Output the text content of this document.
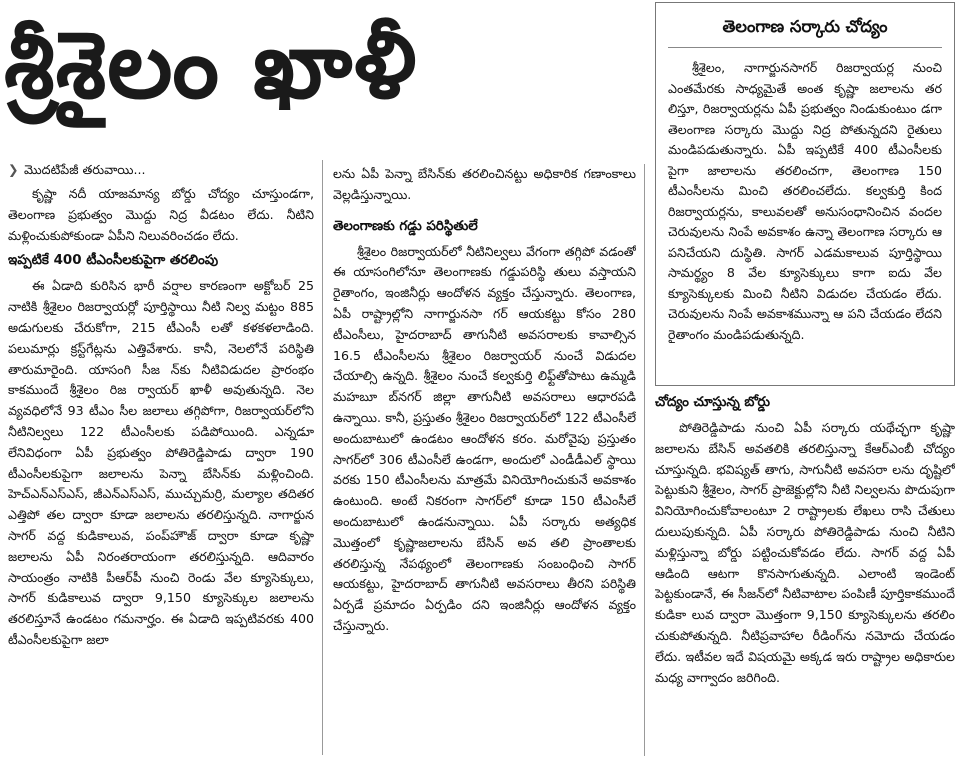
శ్రీశైలం ఖాళీ
❯ మొదటిపేజీ తరువాయి...

కృష్ణా నదీ యాజమాన్య బోర్డు చోద్యం చూస్తుండగా, తెలంగాణ ప్రభుత్వం మొద్దు నిద్ర వీడటం లేదు. నీటిని మళ్లించుకుపోకుండా ఏపీని నిలువరించడం లేదు.

ఇప్పటికే 400 టీఎంసీలకుపైగా తరలింపు

ఈ ఏడాది కురిసిన భారీ వర్షాల కారణంగా అక్టోబర్ 25 నాటికి శ్రీశైలం రిజర్వాయర్లో పూర్తిస్థాయి నీటి నిల్వ మట్టం 885 అడుగులకు చేరుకోగా, 215 టీఎంసీ లతో కళకళలాడింది. పలుమార్లు క్రస్ట్‌గేట్లను ఎత్తివేశారు. కానీ, నెలలోనే పరిస్థితి తారుమారైంది. యాసంగి సీజ న్‌కు నీటివిడుదల ప్రారంభం కాకముందే శ్రీశైలం రిజ ర్వాయర్ ఖాళీ అవుతున్నది. నెల వ్యవధిలోనే 93 టీఎం సీల జలాలు తగ్గిపోగా, రిజర్వాయర్‌లోని నీటినిల్వలు 122 టీఎంసీలకు పడిపోయింది. ఎన్నడూ లేనివిధంగా ఏపీ ప్రభుత్వం పోతిరెడ్డిపాడు ద్వారా 190 టీఎంసీలకుపైగా జలాలను పెన్నా బేసిన్‌కు మళ్లించింది. హెచ్‌ఎన్‌ఎస్‌ఎస్, జీఎన్‌ఎస్‌ఎస్, ముచ్చుమర్రి, మల్యాల తదితర ఎత్తిపో తల ద్వారా కూడా జలాలను తరలిస్తున్నది. నాగార్జున సాగర్ వద్ద కుడికాలువ, పంప్‌హౌజ్ ద్వారా కూడా కృష్ణా జలాలను ఏపీ నిరంతరాయంగా తరలిస్తున్నది. ఆదివారం సాయంత్రం నాటికి పీఆర్‌పీ నుంచి రెండు వేల క్యూసెక్కులు, సాగర్ కుడికాలువ ద్వారా 9,150 క్యూసెక్కుల జలాలను తరలిస్తూనే ఉండటం గమనార్హం. ఈ ఏడాది ఇప్పటివరకు 400 టీఎంసీలకుపైగా జలా

లను ఏపీ పెన్నా బేసిన్‌కు తరలించినట్టు అధికారిక గణాంకాలు వెల్లడిస్తున్నాయి.

తెలంగాణకు గడ్డు పరిస్థితులే

శ్రీశైలం రిజర్వాయర్‌లో నీటినిల్వలు వేగంగా తగ్గిపో వడంతో ఈ యాసంగిలోనూ తెలంగాణకు గడ్డుపరిస్థి తులు వస్తాయని రైతాంగం, ఇంజినీర్లు ఆందోళన వ్యక్తం చేస్తున్నారు. తెలంగాణ, ఏపీ రాష్ట్రాల్లోని నాగార్జునసా గర్ ఆయకట్టు కోసం 280 టీఎంసీలు, హైదరాబాద్ తాగునీటి అవసరాలకు కావాల్సిన 16.5 టీఎంసీలను శ్రీశైలం రిజర్వాయర్ నుంచే విడుదల చేయాల్సి ఉన్నది. శ్రీశైలం నుంచే కల్వకుర్తి లిఫ్ట్‌తోపాటు ఉమ్మడి మహబూ బ్‌నగర్ జిల్లా తాగునీటి అవసరాలు ఆధారపడి ఉన్నాయి. కానీ, ప్రస్తుతం శ్రీశైలం రిజర్వాయర్‌లో 122 టీఎంసీలే అందుబాటులో ఉండటం ఆందోళన కరం. మరోవైపు ప్రస్తుతం సాగర్‌లో 306 టీఎంసీలే ఉండగా, అందులో ఎండీడీఎల్ స్థాయి వరకు 150 టీఎంసీలను మాత్రమే వినియోగించుకునే అవకాశం ఉంటుంది. అంటే నికరంగా సాగర్‌లో కూడా 150 టీఎంసీలే అందుబాటులో ఉండనున్నాయి. ఏపీ సర్కారు అత్యధిక మొత్తంలో కృష్ణాజలాలను బేసిన్ అవ తలి ప్రాంతాలకు తరలిస్తున్న నేపథ్యంలో తెలంగాణకు సంబంధించి సాగర్ ఆయకట్టు, హైదరాబాద్ తాగునీటి అవసరాలు తీరని పరిస్థితి ఏర్పడే ప్రమాదం ఏర్పడిం దని ఇంజినీర్లు ఆందోళన వ్యక్తం చేస్తున్నారు.

తెలంగాణ సర్కారు చోద్యం

శ్రీశైలం, నాగార్జునసాగర్ రిజర్వాయర్ల నుంచి ఎంతమేరకు సాధ్యమైతే అంత కృష్ణా జలాలను తర లిస్తూ, రిజర్వాయర్లను ఏపీ ప్రభుత్వం నిండుకుంటుం డగా తెలంగాణ సర్కారు మొద్దు నిద్ర పోతున్నదని రైతులు మండిపడుతున్నారు. ఏపీ ఇప్పటికే 400 టీఎంసీలకు పైగా జాలాలను తరలించగా, తెలంగాణ 150 టీఎంసీలను మించి తరలించలేదు. కల్వకుర్తి కింద రిజర్వాయర్లను, కాలువలతో అనుసంధానించిన వందల చెరువులను నింపే అవకాశం ఉన్నా తెలంగాణ సర్కారు ఆ పనిచేయని దుస్థితి. సాగర్ ఎడమకాలువ పూర్తిస్థాయి సామర్థ్యం 8 వేల క్యూసెక్కులు కాగా ఐదు వేల క్యూసెక్కులకు మించి నీటిని విడుదల చేయడం లేదు. చెరువులను నింపే అవకాశమున్నా ఆ పని చేయడం లేదని రైతాంగం మండిపడుతున్నది.

చోద్యం చూస్తున్న బోర్డు

పోతిరెడ్డిపాడు నుంచి ఏపీ సర్కారు యథేచ్ఛగా కృష్ణా జలాలను బేసిన్ అవతలికి తరలిస్తున్నా కేఆర్‌ఎంబీ చోద్యం చూస్తున్నది. భవిష్యత్ తాగు, సాగునీటి అవసరా లను దృష్టిలో పెట్టుకుని శ్రీశైలం, సాగర్ ప్రాజెక్టుల్లోని నీటి నిల్వలను పొదుపుగా వినియోగించుకోవాలంటూ 2 రాష్ట్రాలకు లేఖలు రాసి చేతులు దులుపుకున్నది. ఏపీ సర్కారు పోతిరెడ్డిపాడు నుంచి నీటిని మళ్లిస్తున్నా బోర్డు పట్టించుకోవడం లేదు. సాగర్ వద్ద ఏపీ ఆడింది ఆటగా కొనసాగుతున్నది. ఎలాంటి ఇండెంట్ పెట్టకుండానే, ఈ సీజన్‌లో నీటివాటాల పంపిణీ పూర్తికాకముందే కుడికా లువ ద్వారా మొత్తంగా 9,150 క్యూసెక్కులను తరలిం చుకుపోతున్నది. నీటిప్రవాహాల రీడింగ్‌ను నమోదు చేయడం లేదు. ఇటీవల ఇదే విషయమై అక్కడ ఇరు రాష్ట్రాల అధికారుల మధ్య వాగ్వాదం జరిగింది.
